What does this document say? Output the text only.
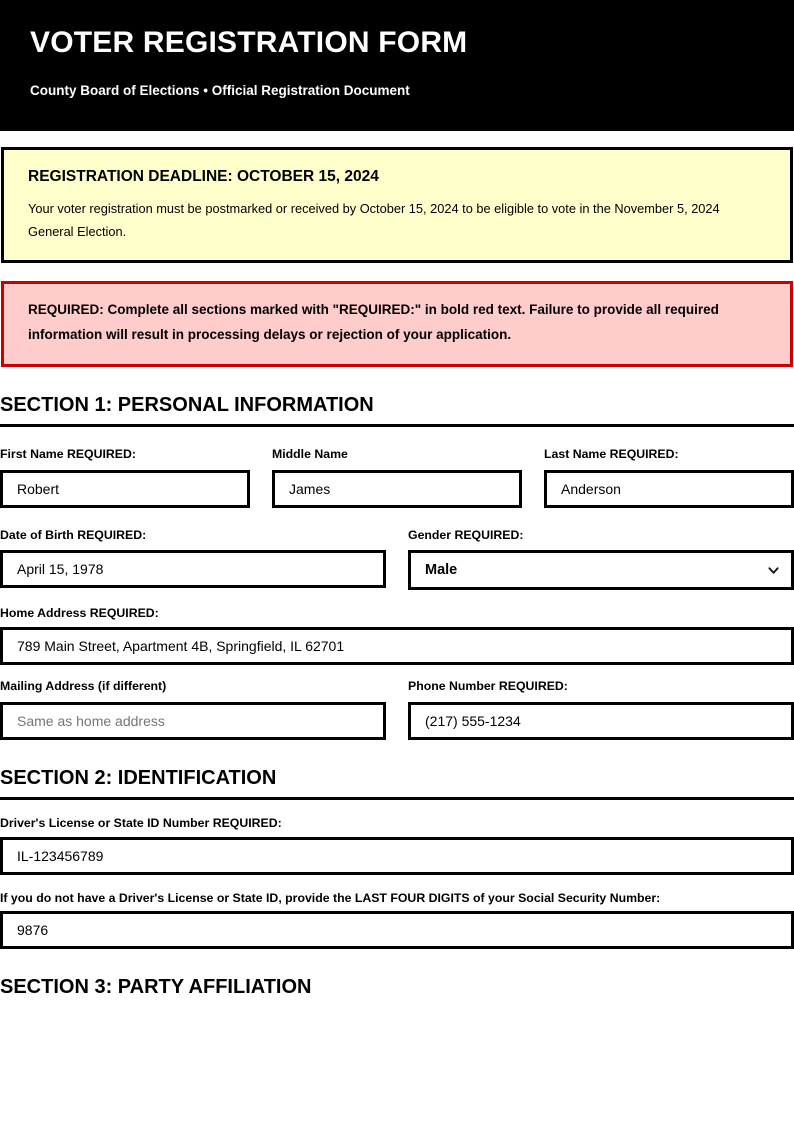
VOTER REGISTRATION FORM
County Board of Elections • Official Registration Document
REGISTRATION DEADLINE: OCTOBER 15, 2024
Your voter registration must be postmarked or received by October 15, 2024 to be eligible to vote in the November 5, 2024 General Election.
REQUIRED: Complete all sections marked with "REQUIRED:" in bold red text. Failure to provide all required information will result in processing delays or rejection of your application.
SECTION 1: PERSONAL INFORMATION
First Name REQUIRED:
Robert
Middle Name
James
Last Name REQUIRED:
Anderson
Date of Birth REQUIRED:
April 15, 1978
Gender REQUIRED:
Male
Home Address REQUIRED:
789 Main Street, Apartment 4B, Springfield, IL 62701
Mailing Address (if different)
Same as home address
Phone Number REQUIRED:
(217) 555-1234
SECTION 2: IDENTIFICATION
Driver's License or State ID Number REQUIRED:
IL-123456789
If you do not have a Driver's License or State ID, provide the LAST FOUR DIGITS of your Social Security Number:
9876
SECTION 3: PARTY AFFILIATION
